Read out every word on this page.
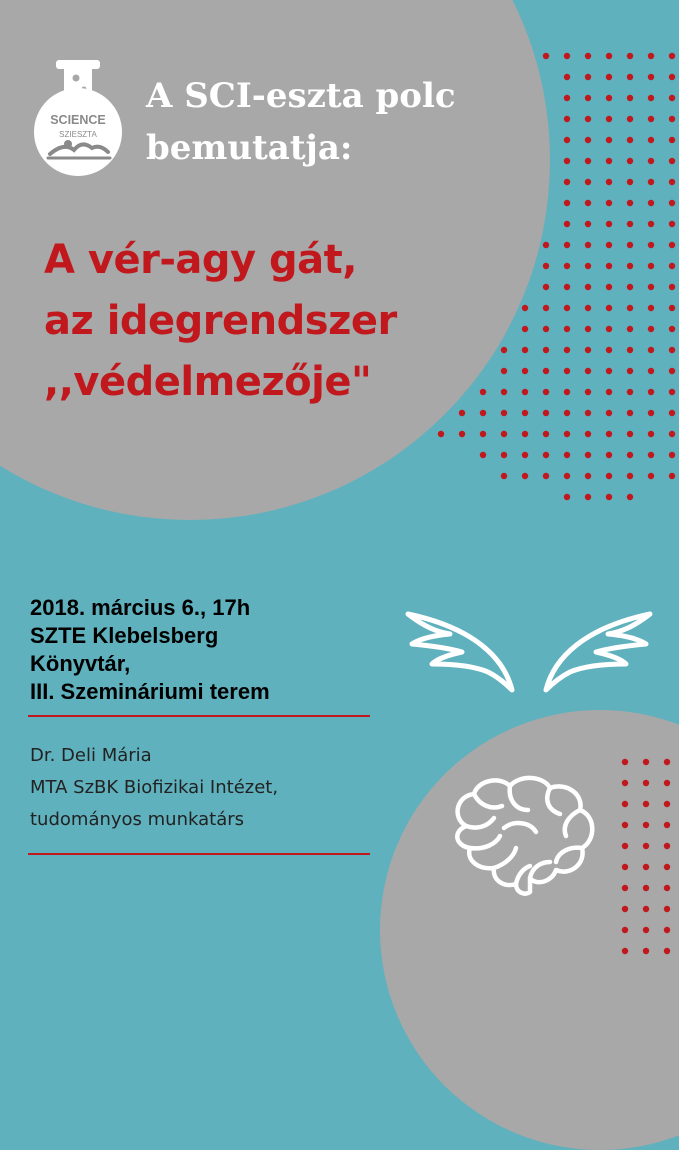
SCIENCE
SZIESZTA
A SCI-eszta polc
bemutatja:
A vér-agy gát,
az idegrendszer
,,védelmezője"
2018. március 6., 17h
SZTE Klebelsberg
Könyvtár,
III. Szemináriumi terem
Dr. Deli Mária
MTA SzBK Biofizikai Intézet,
tudományos munkatárs
